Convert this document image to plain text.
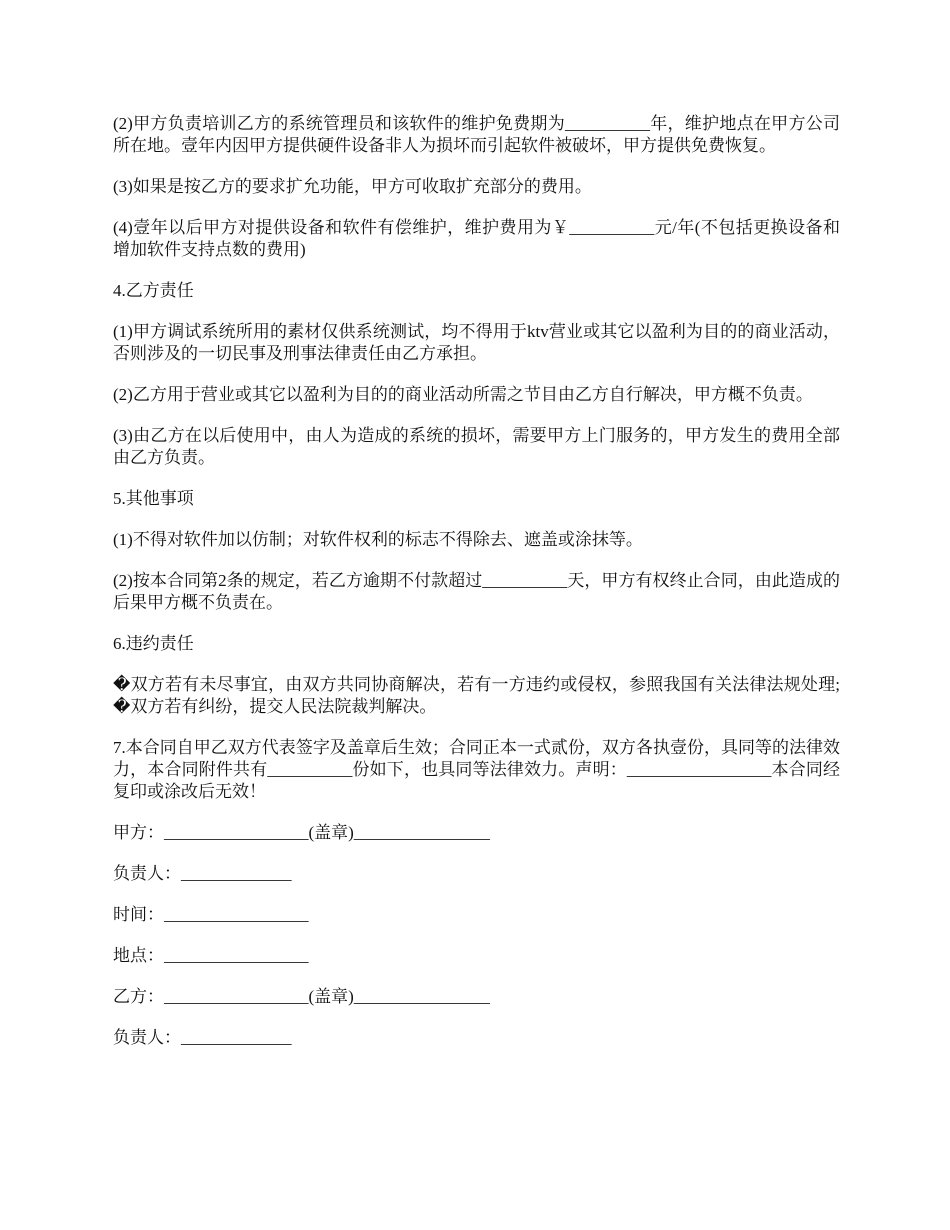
(2)甲方负责培训乙方的系统管理员和该软件的维护免费期为__________年，维护地点在甲方公司所在地。壹年内因甲方提供硬件设备非人为损坏而引起软件被破坏，甲方提供免费恢复。

(3)如果是按乙方的要求扩允功能，甲方可收取扩充部分的费用。

(4)壹年以后甲方对提供设备和软件有偿维护，维护费用为￥__________元/年(不包括更换设备和增加软件支持点数的费用)

4.乙方责任

(1)甲方调试系统所用的素材仅供系统测试，均不得用于ktv营业或其它以盈利为目的的商业活动，否则涉及的一切民事及刑事法律责任由乙方承担。

(2)乙方用于营业或其它以盈利为目的的商业活动所需之节目由乙方自行解决，甲方概不负责。

(3)由乙方在以后使用中，由人为造成的系统的损坏，需要甲方上门服务的，甲方发生的费用全部由乙方负责。

5.其他事项

(1)不得对软件加以仿制；对软件权利的标志不得除去、遮盖或涂抹等。

(2)按本合同第2条的规定，若乙方逾期不付款超过__________天，甲方有权终止合同，由此造成的后果甲方概不负责在。

6.违约责任

�双方若有未尽事宜，由双方共同协商解决，若有一方违约或侵权，参照我国有关法律法规处理;�双方若有纠纷，提交人民法院裁判解决。

7.本合同自甲乙双方代表签字及盖章后生效；合同正本一式贰份，双方各执壹份，具同等的法律效力，本合同附件共有__________份如下，也具同等法律效力。声明：_________________本合同经复印或涂改后无效！

甲方：_________________(盖章)________________

负责人：_____________

时间：_________________

地点：_________________

乙方：_________________(盖章)________________

负责人：_____________
